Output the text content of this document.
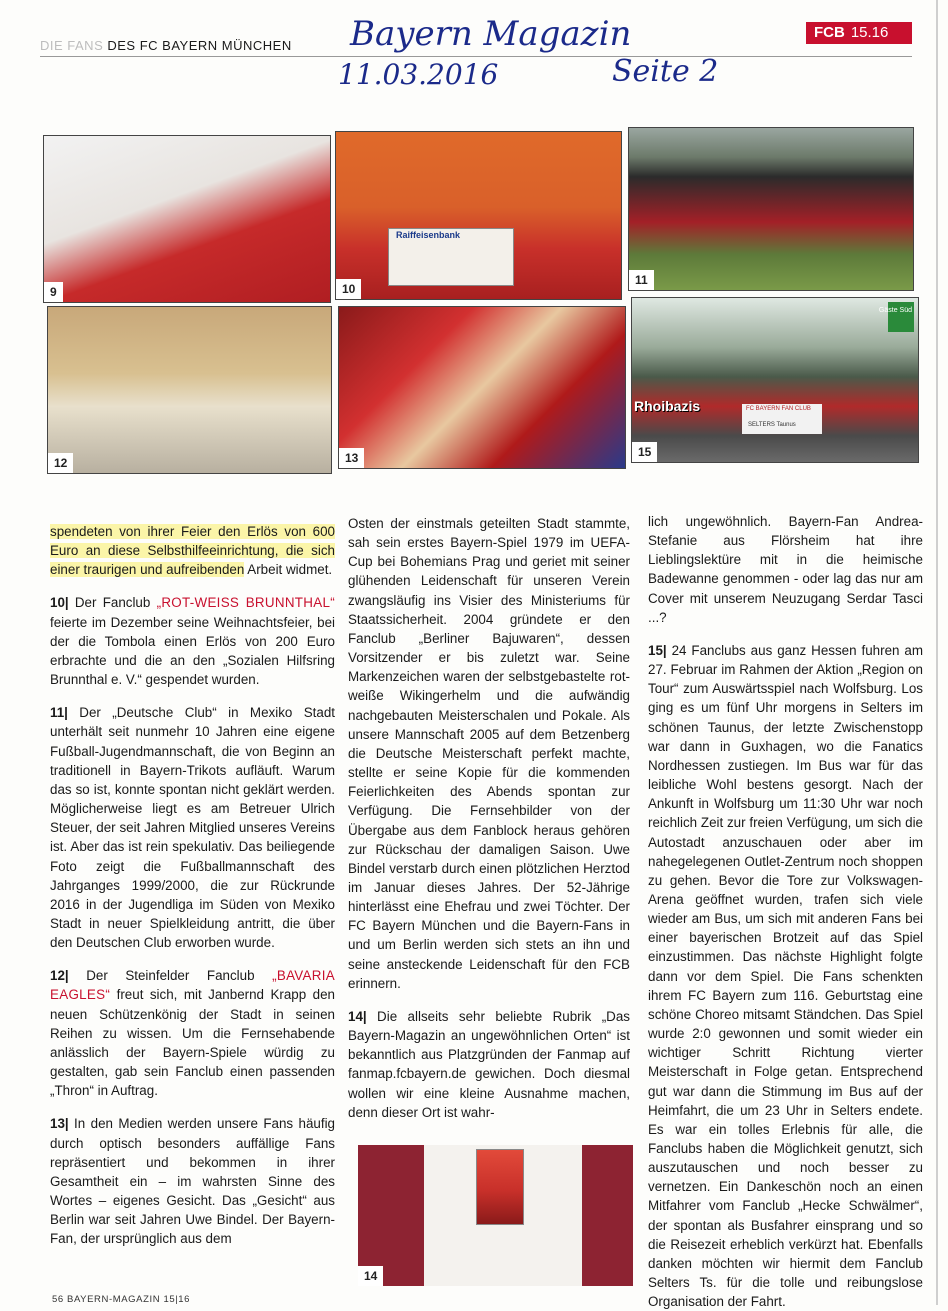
DIE FANS DES FC BAYERN MÜNCHEN
FCB 15.16
Bayern Magazin
11.03.2016	Seite 2
9
Raiffeisenbank
10
11
12	13
Gäste Süd
Rhoibazis	FC BAYERN FAN CLUB
SELTERS Taunus
15
14

spendeten von ihrer Feier den Erlös von 600 Euro an diese Selbsthilfeeinrichtung, die sich einer traurigen und aufreibenden Arbeit widmet.

10| Der Fanclub „ROT-WEISS BRUNNTHAL“ feierte im Dezember seine Weihnachtsfeier, bei der die Tombola einen Erlös von 200 Euro erbrachte und die an den „Sozialen Hilfsring Brunnthal e. V.“ gespendet wurden.

11| Der „Deutsche Club“ in Mexiko Stadt unterhält seit nunmehr 10 Jahren eine eigene Fußball-Jugendmannschaft, die von Beginn an traditionell in Bayern-Trikots aufläuft. Warum das so ist, konnte spontan nicht geklärt werden. Möglicherweise liegt es am Betreuer Ulrich Steuer, der seit Jahren Mitglied unseres Vereins ist. Aber das ist rein spekulativ. Das beiliegende Foto zeigt die Fußballmannschaft des Jahrganges 1999/2000, die zur Rückrunde 2016 in der Jugendliga im Süden von Mexiko Stadt in neuer Spielkleidung antritt, die über den Deutschen Club erworben wurde.

12| Der Steinfelder Fanclub „BAVARIA EAGLES“ freut sich, mit Janbernd Krapp den neuen Schützenkönig der Stadt in seinen Reihen zu wissen. Um die Fernsehabende anlässlich der Bayern-Spiele würdig zu gestalten, gab sein Fanclub einen passenden „Thron“ in Auftrag.

13| In den Medien werden unsere Fans häufig durch optisch besonders auffällige Fans repräsentiert und bekommen in ihrer Gesamtheit ein – im wahrsten Sinne des Wortes – eigenes Gesicht. Das „Gesicht“ aus Berlin war seit Jahren Uwe Bindel. Der Bayern-Fan, der ursprünglich aus dem

Osten der einstmals geteilten Stadt stammte, sah sein erstes Bayern-Spiel 1979 im UEFA-Cup bei Bohemians Prag und geriet mit seiner glühenden Leidenschaft für unseren Verein zwangsläufig ins Visier des Ministeriums für Staatssicherheit. 2004 gründete er den Fanclub „Berliner Bajuwaren“, dessen Vorsitzender er bis zuletzt war. Seine Markenzeichen waren der selbstgebastelte rot-weiße Wikingerhelm und die aufwändig nachgebauten Meisterschalen und Pokale. Als unsere Mannschaft 2005 auf dem Betzenberg die Deutsche Meisterschaft perfekt machte, stellte er seine Kopie für die kommenden Feierlichkeiten des Abends spontan zur Verfügung. Die Fernsehbilder von der Übergabe aus dem Fanblock heraus gehören zur Rückschau der damaligen Saison. Uwe Bindel verstarb durch einen plötzlichen Herztod im Januar dieses Jahres. Der 52-Jährige hinterlässt eine Ehefrau und zwei Töchter. Der FC Bayern München und die Bayern-Fans in und um Berlin werden sich stets an ihn und seine ansteckende Leidenschaft für den FCB erinnern.

14| Die allseits sehr beliebte Rubrik „Das Bayern-Magazin an ungewöhnlichen Orten“ ist bekanntlich aus Platzgründen der Fanmap auf fanmap.fcbayern.de gewichen. Doch diesmal wollen wir eine kleine Ausnahme machen, denn dieser Ort ist wahr-

lich ungewöhnlich. Bayern-Fan Andrea-Stefanie aus Flörsheim hat ihre Lieblingslektüre mit in die heimische Badewanne genommen - oder lag das nur am Cover mit unserem Neuzugang Serdar Tasci ...?

15| 24 Fanclubs aus ganz Hessen fuhren am 27. Februar im Rahmen der Aktion „Region on Tour“ zum Auswärtsspiel nach Wolfsburg. Los ging es um fünf Uhr morgens in Selters im schönen Taunus, der letzte Zwischenstopp war dann in Guxhagen, wo die Fanatics Nordhessen zustiegen. Im Bus war für das leibliche Wohl bestens gesorgt. Nach der Ankunft in Wolfsburg um 11:30 Uhr war noch reichlich Zeit zur freien Verfügung, um sich die Autostadt anzuschauen oder aber im nahegelegenen Outlet-Zentrum noch shoppen zu gehen. Bevor die Tore zur Volkswagen-Arena geöffnet wurden, trafen sich viele wieder am Bus, um sich mit anderen Fans bei einer bayerischen Brotzeit auf das Spiel einzustimmen. Das nächste Highlight folgte dann vor dem Spiel. Die Fans schenkten ihrem FC Bayern zum 116. Geburtstag eine schöne Choreo mitsamt Ständchen. Das Spiel wurde 2:0 gewonnen und somit wieder ein wichtiger Schritt Richtung vierter Meisterschaft in Folge getan. Entsprechend gut war dann die Stimmung im Bus auf der Heimfahrt, die um 23 Uhr in Selters endete. Es war ein tolles Erlebnis für alle, die Fanclubs haben die Möglichkeit genutzt, sich auszutauschen und noch besser zu vernetzen. Ein Dankeschön noch an einen Mitfahrer vom Fanclub „Hecke Schwälmer“, der spontan als Busfahrer einsprang und so die Reisezeit erheblich verkürzt hat. Ebenfalls danken möchten wir hiermit dem Fanclub Selters Ts. für die tolle und reibungslose Organisation der Fahrt.

56 BAYERN-MAGAZIN 15|16
